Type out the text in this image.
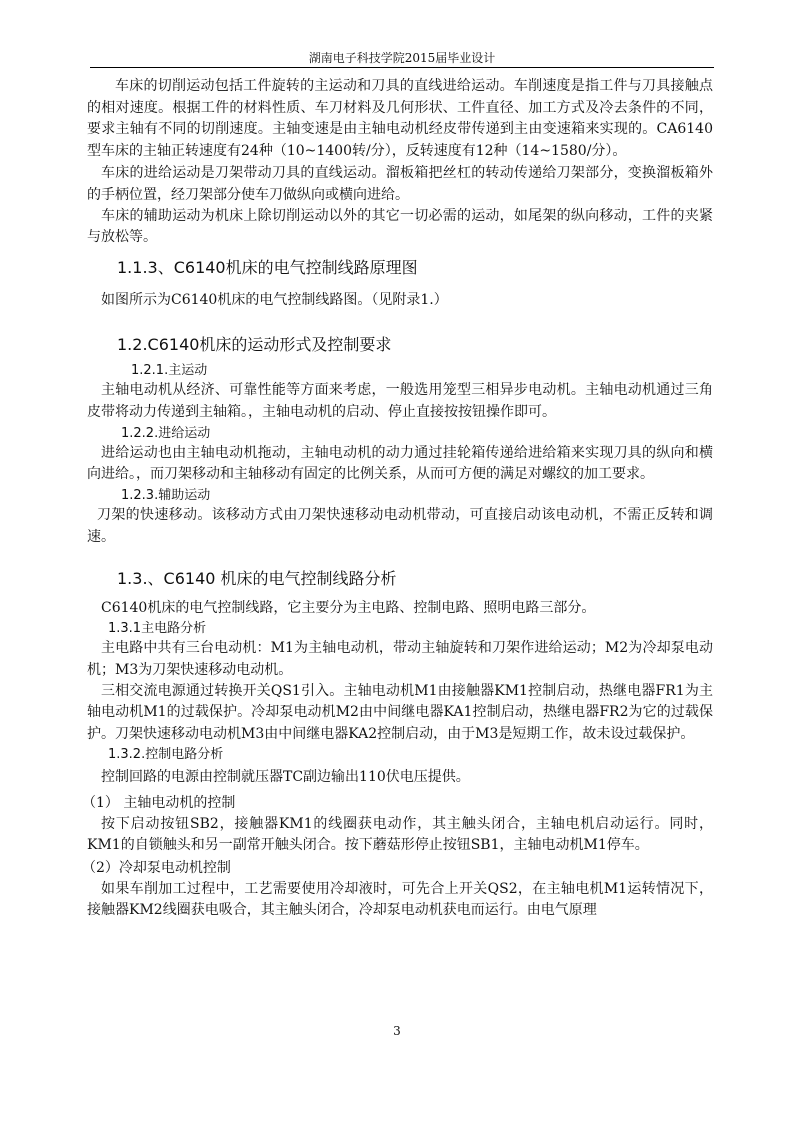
湖南电子科技学院2015届毕业设计

车床的切削运动包括工件旋转的主运动和刀具的直线进给运动。车削速度是指工件与刀具接触点的相对速度。根据工件的材料性质、车刀材料及几何形状、工件直径、加工方式及冷去条件的不同，要求主轴有不同的切削速度。主轴变速是由主轴电动机经皮带传递到主由变速箱来实现的。CA6140型车床的主轴正转速度有24种（10~1400转/分），反转速度有12种（14~1580/分）。

车床的进给运动是刀架带动刀具的直线运动。溜板箱把丝杠的转动传递给刀架部分，变换溜板箱外的手柄位置，经刀架部分使车刀做纵向或横向进给。

车床的辅助运动为机床上除切削运动以外的其它一切必需的运动，如尾架的纵向移动，工件的夹紧与放松等。

1.1.3、C6140机床的电气控制线路原理图

如图所示为C6140机床的电气控制线路图。（见附录1.）

1.2.C6140机床的运动形式及控制要求
1.2.1.主运动

主轴电动机从经济、可靠性能等方面来考虑，一般选用笼型三相异步电动机。主轴电动机通过三角皮带将动力传递到主轴箱。，主轴电动机的启动、停止直接按按钮操作即可。

1.2.2.进给运动

进给运动也由主轴电动机拖动，主轴电动机的动力通过挂轮箱传递给进给箱来实现刀具的纵向和横向进给。，而刀架移动和主轴移动有固定的比例关系，从而可方便的满足对螺纹的加工要求。

1.2.3.辅助运动

刀架的快速移动。该移动方式由刀架快速移动电动机带动，可直接启动该电动机，不需正反转和调速。

1.3.、C6140 机床的电气控制线路分析

C6140机床的电气控制线路，它主要分为主电路、控制电路、照明电路三部分。

1.3.1主电路分析

主电路中共有三台电动机：M1为主轴电动机，带动主轴旋转和刀架作进给运动；M2为冷却泵电动机；M3为刀架快速移动电动机。

三相交流电源通过转换开关QS1引入。主轴电动机M1由接触器KM1控制启动，热继电器FR1为主轴电动机M1的过载保护。冷却泵电动机M2由中间继电器KA1控制启动，热继电器FR2为它的过载保护。刀架快速移动电动机M3由中间继电器KA2控制启动，由于M3是短期工作，故未设过载保护。

1.3.2.控制电路分析

控制回路的电源由控制就压器TC副边输出110伏电压提供。

（1） 主轴电动机的控制

按下启动按钮SB2，接触器KM1的线圈获电动作，其主触头闭合，主轴电机启动运行。同时，KM1的自锁触头和另一副常开触头闭合。按下蘑菇形停止按钮SB1，主轴电动机M1停车。

（2）冷却泵电动机控制

如果车削加工过程中，工艺需要使用冷却液时，可先合上开关QS2，在主轴电机M1运转情况下，接触器KM2线圈获电吸合，其主触头闭合，冷却泵电动机获电而运行。由电气原理

3
